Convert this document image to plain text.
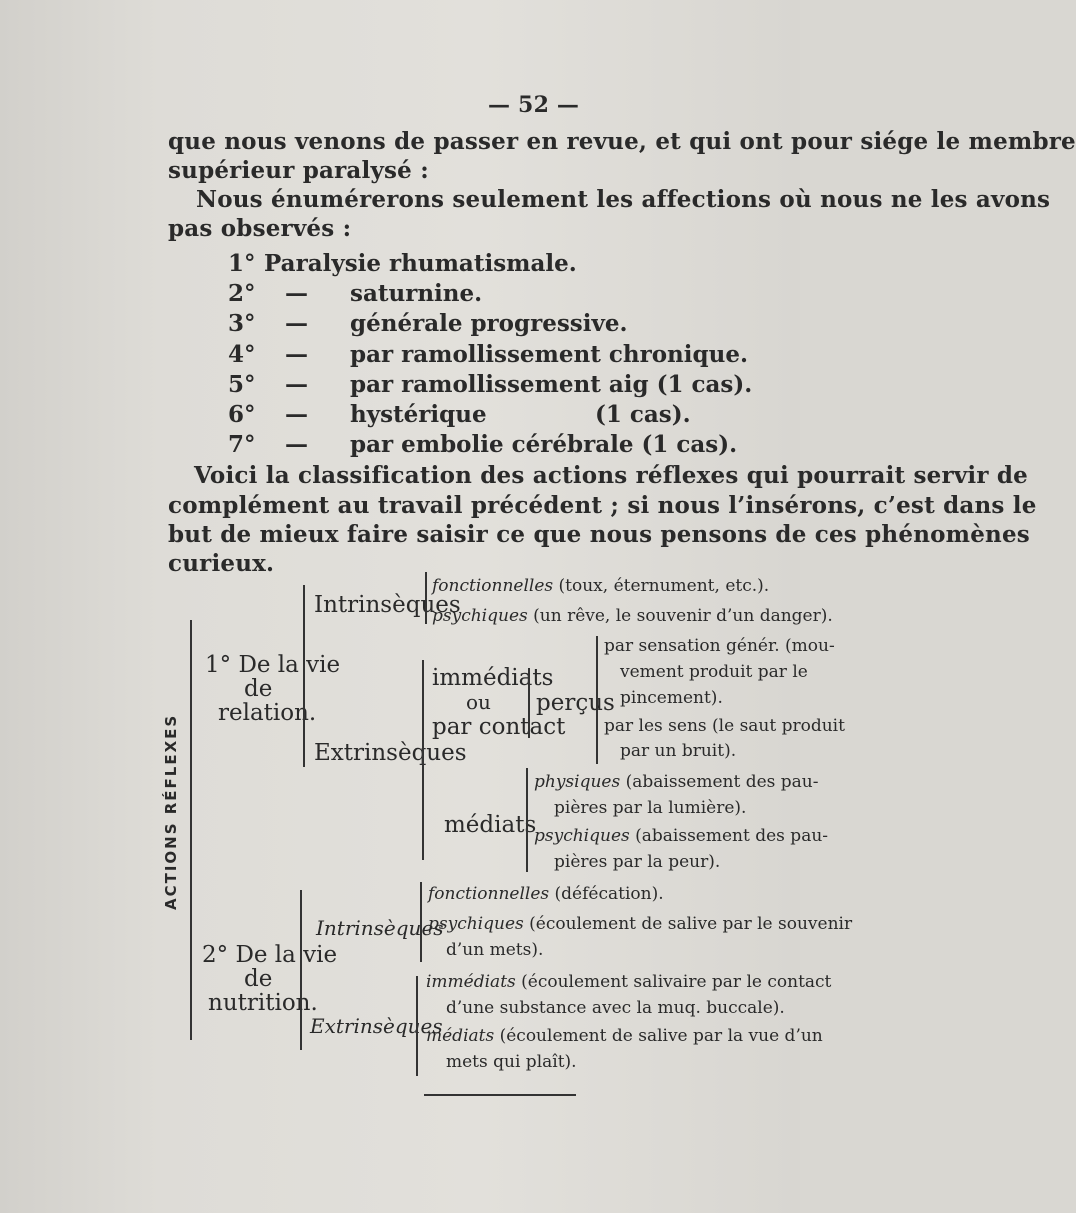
— 52 —
que nous venons de passer en revue, et qui ont pour siége le membre
supérieur paralysé :
Nous énumérerons seulement les affections où nous ne les avons
pas observés :
1° Paralysie rhumatismale.
2° — saturnine.
3° — générale progressive.
4° — par ramollissement chronique.
5° — par ramollissement aig (1 cas).
6° — hystérique	(1 cas).
7° — par embolie cérébrale (1 cas).
Voici la classification des actions réflexes qui pourrait servir de
complément au travail précédent ; si nous l’insérons, c’est dans le
but de mieux faire saisir ce que nous pensons de ces phénomènes
curieux.
ACTIONS RÉFLEXES
1° De la vie
de
relation.
Intrinsèques
fonctionnelles (toux, éternument, etc.).
psychiques (un rêve, le souvenir d’un danger).
Extrinsèques
immédiats
ou
par contact
perçus
par sensation génér. (mou-
vement produit par le
pincement).
par les sens (le saut produit
par un bruit).
médiats
physiques (abaissement des pau-
pières par la lumière).
psychiques (abaissement des pau-
pières par la peur).
2° De la vie
de
nutrition.
Intrinsèques
fonctionnelles (défécation).
psychiques (écoulement de salive par le souvenir
d’un mets).
Extrinsèques
immédiats (écoulement salivaire par le contact
d’une substance avec la muq. buccale).
médiats (écoulement de salive par la vue d’un
mets qui plaît).
